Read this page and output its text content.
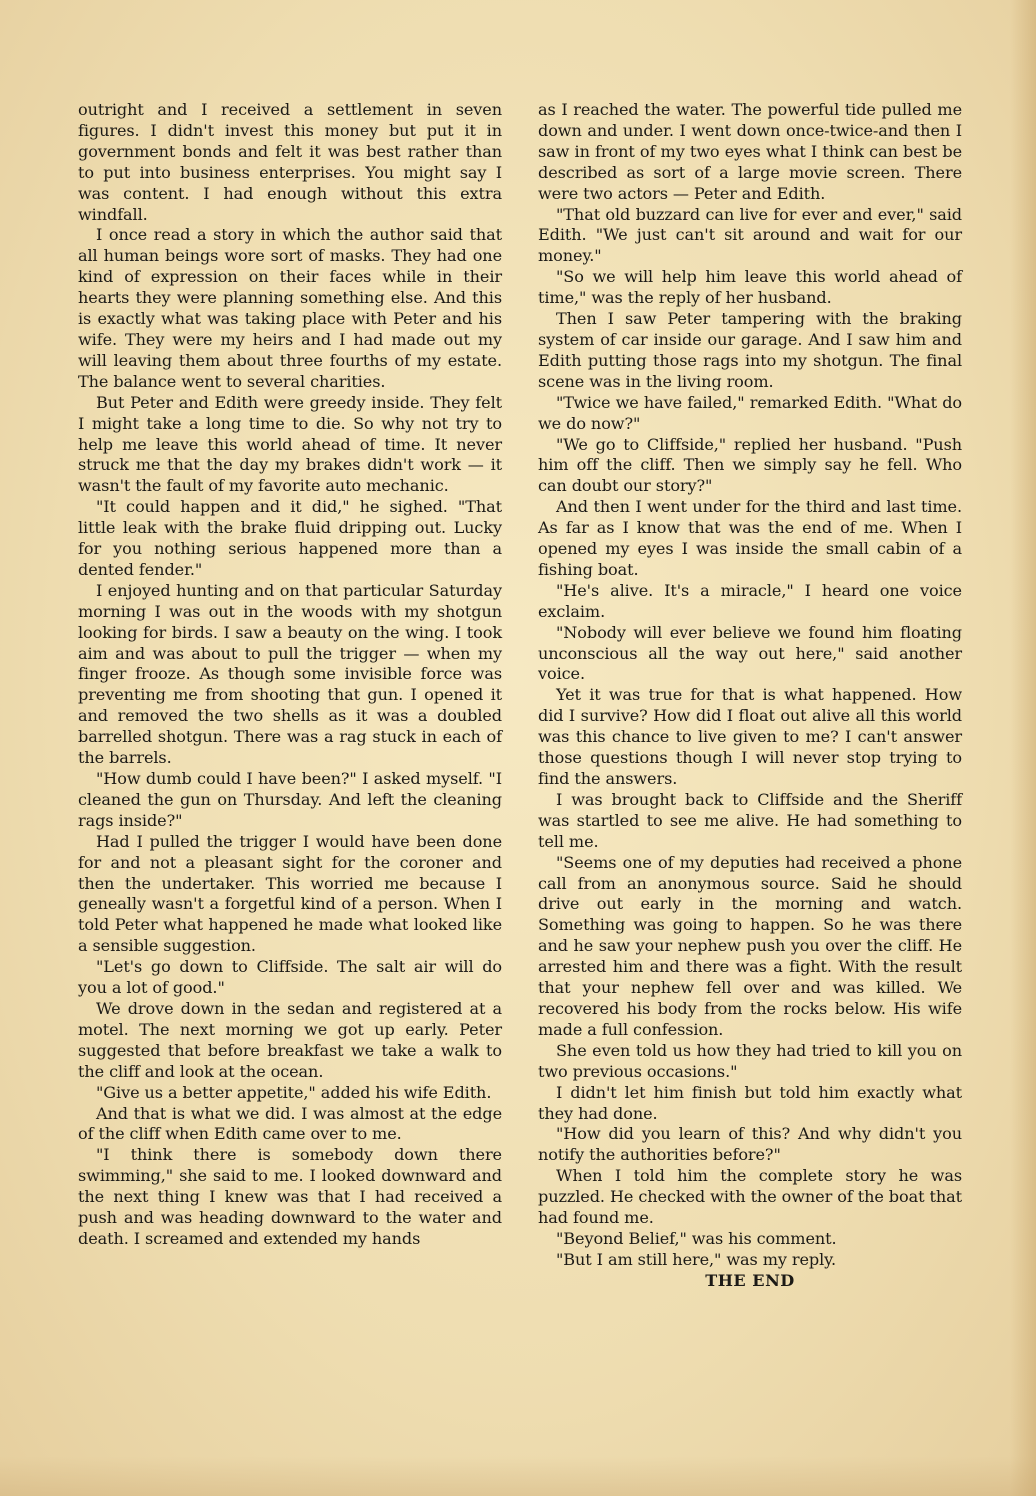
outright and I received a settlement in seven figures. I didn't invest this money but put it in government bonds and felt it was best rather than to put into business enterprises. You might say I was content. I had enough without this extra windfall.

I once read a story in which the author said that all human beings wore sort of masks. They had one kind of expression on their faces while in their hearts they were planning something else. And this is exactly what was taking place with Peter and his wife. They were my heirs and I had made out my will leaving them about three fourths of my estate. The balance went to several charities.

But Peter and Edith were greedy inside. They felt I might take a long time to die. So why not try to help me leave this world ahead of time. It never struck me that the day my brakes didn't work — it wasn't the fault of my favorite auto mechanic.

"It could happen and it did," he sighed. "That little leak with the brake fluid dripping out. Lucky for you nothing serious happened more than a dented fender."

I enjoyed hunting and on that particular Saturday morning I was out in the woods with my shotgun looking for birds. I saw a beauty on the wing. I took aim and was about to pull the trigger — when my finger frooze. As though some invisible force was preventing me from shooting that gun. I opened it and removed the two shells as it was a doubled barrelled shotgun. There was a rag stuck in each of the barrels.

"How dumb could I have been?" I asked myself. "I cleaned the gun on Thursday. And left the cleaning rags inside?"

Had I pulled the trigger I would have been done for and not a pleasant sight for the coroner and then the undertaker. This worried me because I geneally wasn't a forgetful kind of a person. When I told Peter what happened he made what looked like a sensible suggestion.

"Let's go down to Cliffside. The salt air will do you a lot of good."

We drove down in the sedan and registered at a motel. The next morning we got up early. Peter suggested that before breakfast we take a walk to the cliff and look at the ocean.

"Give us a better appetite," added his wife Edith.

And that is what we did. I was almost at the edge of the cliff when Edith came over to me.

"I think there is somebody down there swimming," she said to me. I looked downward and the next thing I knew was that I had received a push and was heading downward to the water and death. I screamed and extended my hands

as I reached the water. The powerful tide pulled me down and under. I went down once-twice-and then I saw in front of my two eyes what I think can best be described as sort of a large movie screen. There were two actors — Peter and Edith.

"That old buzzard can live for ever and ever," said Edith. "We just can't sit around and wait for our money."

"So we will help him leave this world ahead of time," was the reply of her husband.

Then I saw Peter tampering with the braking system of car inside our garage. And I saw him and Edith putting those rags into my shotgun. The final scene was in the living room.

"Twice we have failed," remarked Edith. "What do we do now?"

"We go to Cliffside," replied her husband. "Push him off the cliff. Then we simply say he fell. Who can doubt our story?"

And then I went under for the third and last time. As far as I know that was the end of me. When I opened my eyes I was inside the small cabin of a fishing boat.

"He's alive. It's a miracle," I heard one voice exclaim.

"Nobody will ever believe we found him floating unconscious all the way out here," said another voice.

Yet it was true for that is what happened. How did I survive? How did I float out alive all this world was this chance to live given to me? I can't answer those questions though I will never stop trying to find the answers.

I was brought back to Cliffside and the Sheriff was startled to see me alive. He had something to tell me.

"Seems one of my deputies had received a phone call from an anonymous source. Said he should drive out early in the morning and watch. Something was going to happen. So he was there and he saw your nephew push you over the cliff. He arrested him and there was a fight. With the result that your nephew fell over and was killed. We recovered his body from the rocks below. His wife made a full confession.

She even told us how they had tried to kill you on two previous occasions."

I didn't let him finish but told him exactly what they had done.

"How did you learn of this? And why didn't you notify the authorities before?"

When I told him the complete story he was puzzled. He checked with the owner of the boat that had found me.

"Beyond Belief," was his comment.

"But I am still here," was my reply.

THE END
